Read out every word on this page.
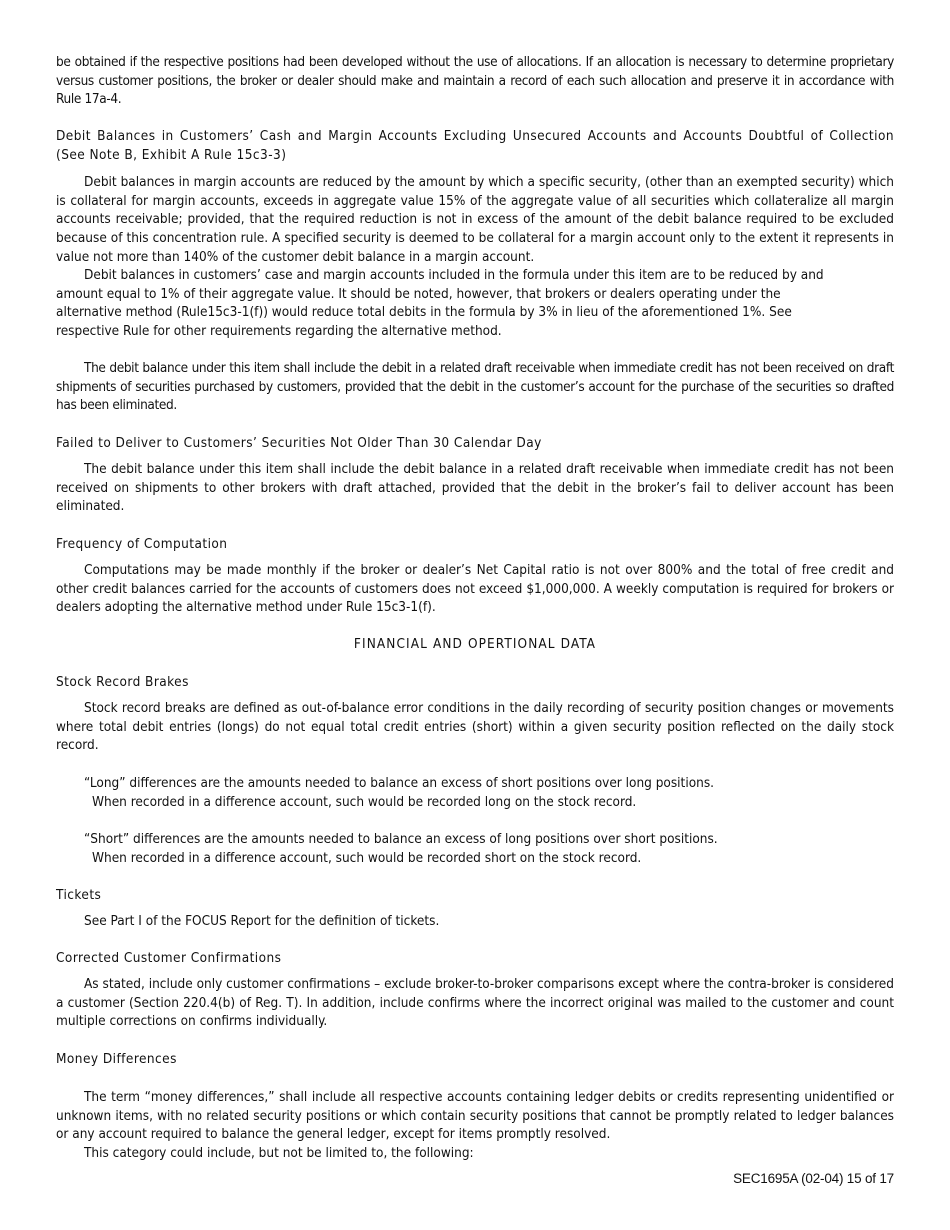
be obtained if the respective positions had been developed without the use of allocations. If an allocation is necessary to determine proprietary versus customer positions, the broker or dealer should make and maintain a record of each such allocation and preserve it in accordance with Rule 17a-4.

Debit Balances in Customers’ Cash and Margin Accounts Excluding Unsecured Accounts and Accounts Doubtful of Collection (See Note B, Exhibit A Rule 15c3-3)

Debit balances in margin accounts are reduced by the amount by which a specific security, (other than an exempted security) which is collateral for margin accounts, exceeds in aggregate value 15% of the aggregate value of all securities which collateralize all margin accounts receivable; provided, that the required reduction is not in excess of the amount of the debit balance required to be excluded because of this concentration rule. A specified security is deemed to be collateral for a margin account only to the extent it represents in value not more than 140% of the customer debit balance in a margin account.

Debit balances in customers’ case and margin accounts included in the formula under this item are to be reduced by and amount equal to 1% of their aggregate value. It should be noted, however, that brokers or dealers operating under the alternative method (Rule15c3-1(f)) would reduce total debits in the formula by 3% in lieu of the aforementioned 1%. See respective Rule for other requirements regarding the alternative method.

The debit balance under this item shall include the debit in a related draft receivable when immediate credit has not been received on draft shipments of securities purchased by customers, provided that the debit in the customer’s account for the purchase of the securities so drafted has been eliminated.

Failed to Deliver to Customers’ Securities Not Older Than 30 Calendar Day

The debit balance under this item shall include the debit balance in a related draft receivable when immediate credit has not been received on shipments to other brokers with draft attached, provided that the debit in the broker’s fail to deliver account has been eliminated.

Frequency of Computation

Computations may be made monthly if the broker or dealer’s Net Capital ratio is not over 800% and the total of free credit and other credit balances carried for the accounts of customers does not exceed $1,000,000. A weekly computation is required for brokers or dealers adopting the alternative method under Rule 15c3-1(f).

FINANCIAL AND OPERTIONAL DATA

Stock Record Brakes

Stock record breaks are defined as out-of-balance error conditions in the daily recording of security position changes or movements where total debit entries (longs) do not equal total credit entries (short) within a given security position reflected on the daily stock record.

“Long” differences are the amounts needed to balance an excess of short positions over long positions.
When recorded in a difference account, such would be recorded long on the stock record.
“Short” differences are the amounts needed to balance an excess of long positions over short positions.
When recorded in a difference account, such would be recorded short on the stock record.

Tickets

See Part I of the FOCUS Report for the definition of tickets.

Corrected Customer Confirmations

As stated, include only customer confirmations – exclude broker-to-broker comparisons except where the contra-broker is considered a customer (Section 220.4(b) of Reg. T). In addition, include confirms where the incorrect original was mailed to the customer and count multiple corrections on confirms individually.

Money Differences

The term “money differences,” shall include all respective accounts containing ledger debits or credits representing unidentified or unknown items, with no related security positions or which contain security positions that cannot be promptly related to ledger balances or any account required to balance the general ledger, except for items promptly resolved.

This category could include, but not be limited to, the following:

SEC1695A (02-04) 15 of 17
